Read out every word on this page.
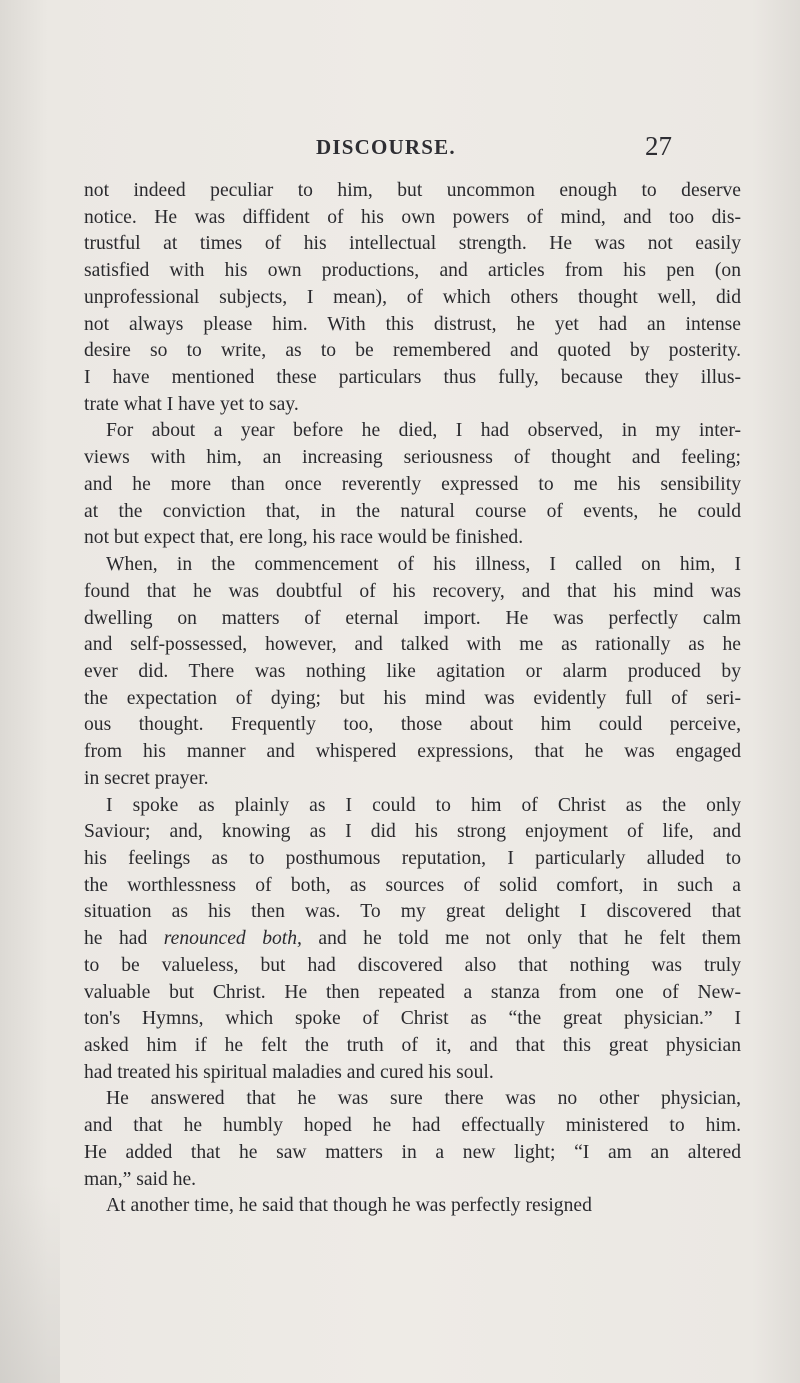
DISCOURSE.	27
not indeed peculiar to him, but uncommon enough to deserve
notice. He was diffident of his own powers of mind, and too dis-
trustful at times of his intellectual strength. He was not easily
satisfied with his own productions, and articles from his pen (on
unprofessional subjects, I mean), of which others thought well, did
not always please him. With this distrust, he yet had an intense
desire so to write, as to be remembered and quoted by posterity.
I have mentioned these particulars thus fully, because they illus-
trate what I have yet to say.
For about a year before he died, I had observed, in my inter-
views with him, an increasing seriousness of thought and feeling;
and he more than once reverently expressed to me his sensibility
at the conviction that, in the natural course of events, he could
not but expect that, ere long, his race would be finished.
When, in the commencement of his illness, I called on him, I
found that he was doubtful of his recovery, and that his mind was
dwelling on matters of eternal import. He was perfectly calm
and self-possessed, however, and talked with me as rationally as he
ever did. There was nothing like agitation or alarm produced by
the expectation of dying; but his mind was evidently full of seri-
ous thought. Frequently too, those about him could perceive,
from his manner and whispered expressions, that he was engaged
in secret prayer.
I spoke as plainly as I could to him of Christ as the only
Saviour; and, knowing as I did his strong enjoyment of life, and
his feelings as to posthumous reputation, I particularly alluded to
the worthlessness of both, as sources of solid comfort, in such a
situation as his then was. To my great delight I discovered that
he had renounced both, and he told me not only that he felt them
to be valueless, but had discovered also that nothing was truly
valuable but Christ. He then repeated a stanza from one of New-
ton's Hymns, which spoke of Christ as “the great physician.” I
asked him if he felt the truth of it, and that this great physician
had treated his spiritual maladies and cured his soul.
He answered that he was sure there was no other physician,
and that he humbly hoped he had effectually ministered to him.
He added that he saw matters in a new light; “I am an altered
man,” said he.
At another time, he said that though he was perfectly resigned
